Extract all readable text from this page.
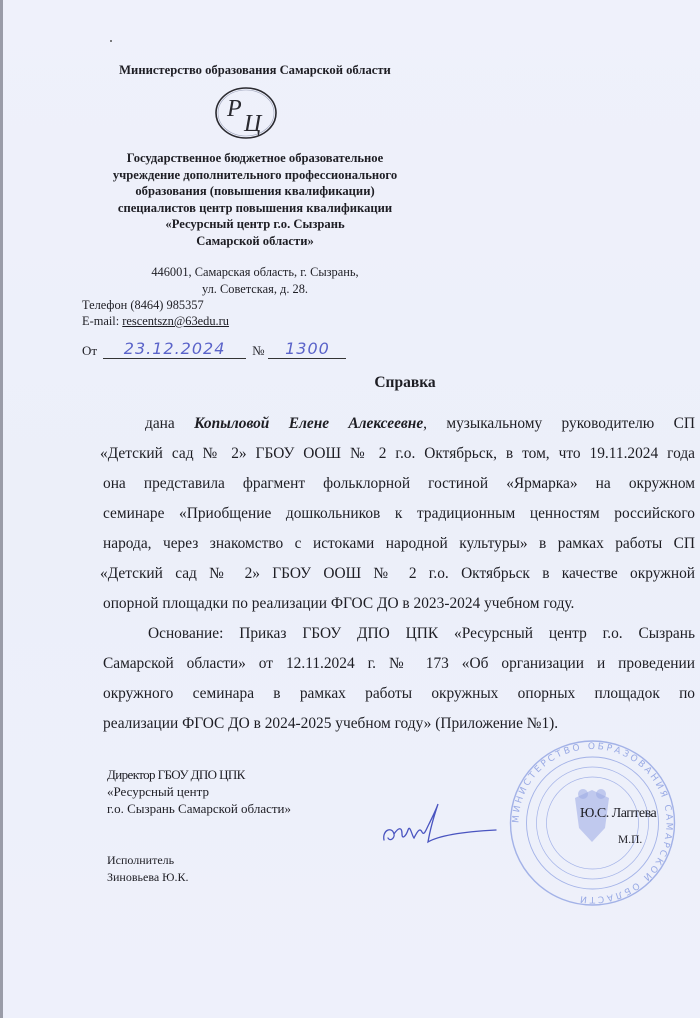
Министерство образования Самарской области
Р
Ц
Государственное бюджетное образовательное
учреждение дополнительного профессионального
образования (повышения квалификации)
специалистов центр повышения квалификации
«Ресурсный центр г.о. Сызрань
Самарской области»
446001, Самарская область, г. Сызрань,
ул. Советская, д. 28.
Телефон (8464) 985357
E-mail: rescentszn@63edu.ru
От	23.12.2024	№	1300
Справка
дана Копыловой Елене Алексеевне, музыкальному руководителю СП
«Детский сад № 2» ГБОУ ООШ № 2 г.о. Октябрьск, в том, что 19.11.2024 года
она представила фрагмент фольклорной гостиной «Ярмарка» на окружном
семинаре «Приобщение дошкольников к традиционным ценностям российского
народа, через знакомство с истоками народной культуры» в рамках работы СП
«Детский сад № 2» ГБОУ ООШ № 2 г.о. Октябрьск в качестве окружной
опорной площадки по реализации ФГОС ДО в 2023-2024 учебном году.
Основание: Приказ ГБОУ ДПО ЦПК «Ресурсный центр г.о. Сызрань
Самарской области» от 12.11.2024 г. № 173 «Об организации и проведении
окружного семинара в рамках работы окружных опорных площадок по
реализации ФГОС ДО в 2024-2025 учебном году» (Приложение №1).
Директор ГБОУ ДПО ЦПК
«Ресурсный центр
г.о. Сызрань Самарской области»
МИНИСТЕРСТВО ОБРАЗОВАНИЯ САМАРСКОЙ ОБЛАСТИ
Ю.С. Лаптева
М.П.
Исполнитель
Зиновьева Ю.К.
